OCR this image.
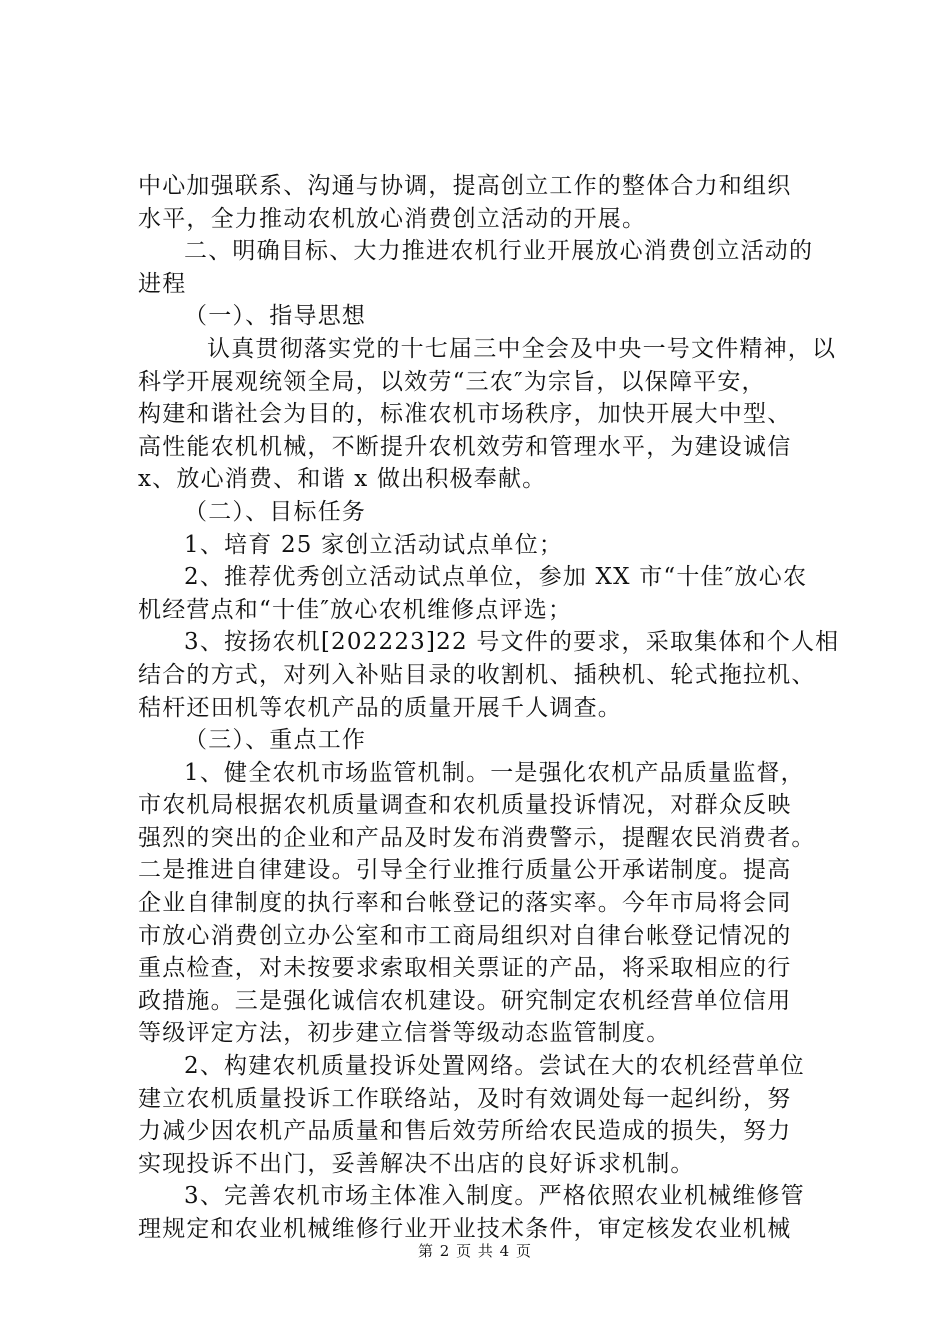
中心加强联系、沟通与协调，提高创立工作的整体合力和组织
水平，全力推动农机放心消费创立活动的开展。
二、明确目标、大力推进农机行业开展放心消费创立活动的
进程
（一）、指导思想
认真贯彻落实党的十七届三中全会及中央一号文件精神，以
科学开展观统领全局，以效劳“三农″为宗旨，以保障平安，
构建和谐社会为目的，标准农机市场秩序，加快开展大中型、
高性能农机机械，不断提升农机效劳和管理水平，为建设诚信
x、放心消费、和谐 x 做出积极奉献。
（二）、目标任务
1、培育 25 家创立活动试点单位；
2、推荐优秀创立活动试点单位，参加 XX 市“十佳″放心农
机经营点和“十佳″放心农机维修点评选；
3、按扬农机[202223]22 号文件的要求，采取集体和个人相
结合的方式，对列入补贴目录的收割机、插秧机、轮式拖拉机、
秸杆还田机等农机产品的质量开展千人调查。
（三）、重点工作
1、健全农机市场监管机制。一是强化农机产品质量监督，
市农机局根据农机质量调查和农机质量投诉情况，对群众反映
强烈的突出的企业和产品及时发布消费警示，提醒农民消费者。
二是推进自律建设。引导全行业推行质量公开承诺制度。提高
企业自律制度的执行率和台帐登记的落实率。今年市局将会同
市放心消费创立办公室和市工商局组织对自律台帐登记情况的
重点检查，对未按要求索取相关票证的产品，将采取相应的行
政措施。三是强化诚信农机建设。研究制定农机经营单位信用
等级评定方法，初步建立信誉等级动态监管制度。
2、构建农机质量投诉处置网络。尝试在大的农机经营单位
建立农机质量投诉工作联络站，及时有效调处每一起纠纷，努
力减少因农机产品质量和售后效劳所给农民造成的损失，努力
实现投诉不出门，妥善解决不出店的良好诉求机制。
3、完善农机市场主体准入制度。严格依照农业机械维修管
理规定和农业机械维修行业开业技术条件，审定核发农业机械
第 2 页 共 4 页
